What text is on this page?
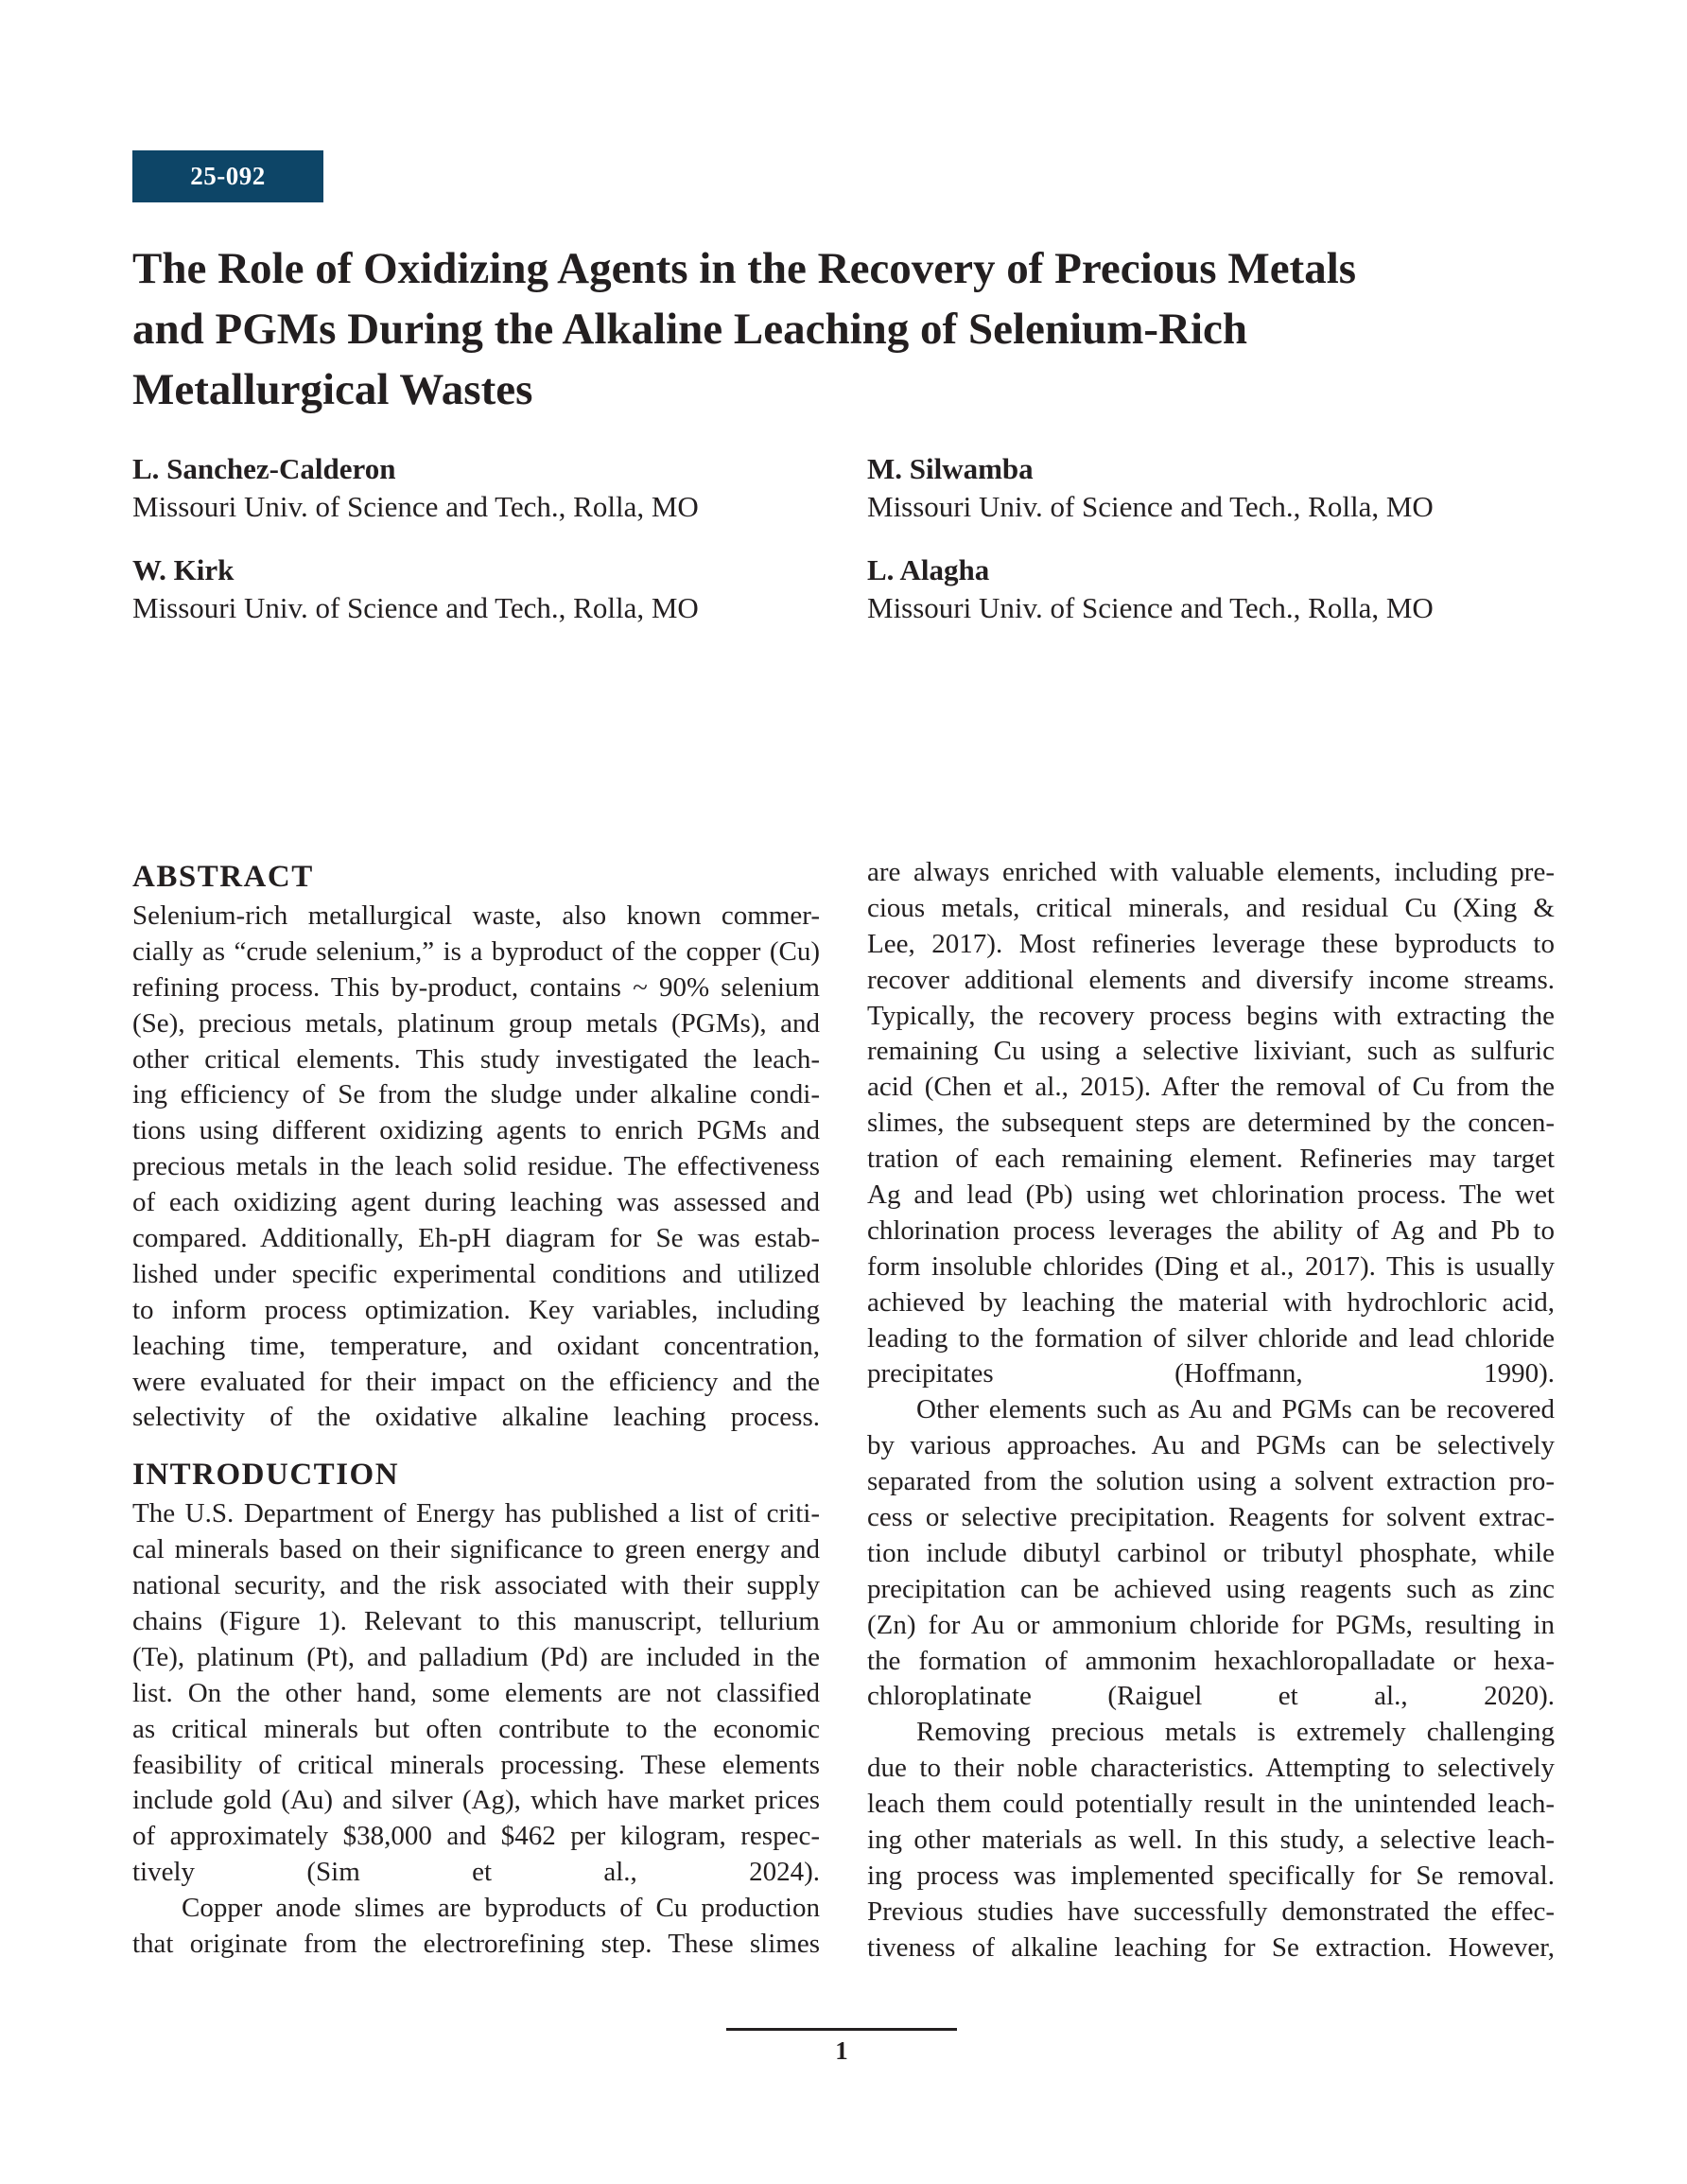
25-092
The Role of Oxidizing Agents in the Recovery of Precious Metals
and PGMs During the Alkaline Leaching of Selenium-Rich
Metallurgical Wastes
L. Sanchez-Calderon
Missouri Univ. of Science and Tech., Rolla, MO
M. Silwamba
Missouri Univ. of Science and Tech., Rolla, MO
W. Kirk
Missouri Univ. of Science and Tech., Rolla, MO
L. Alagha
Missouri Univ. of Science and Tech., Rolla, MO
ABSTRACT
Selenium-rich metallurgical waste, also known commer-
cially as “crude selenium,” is a byproduct of the copper (Cu)
refining process. This by-product, contains ~ 90% selenium
(Se), precious metals, platinum group metals (PGMs), and
other critical elements. This study investigated the leach-
ing efficiency of Se from the sludge under alkaline condi-
tions using different oxidizing agents to enrich PGMs and
precious metals in the leach solid residue. The effectiveness
of each oxidizing agent during leaching was assessed and
compared. Additionally, Eh-pH diagram for Se was estab-
lished under specific experimental conditions and utilized
to inform process optimization. Key variables, including
leaching time, temperature, and oxidant concentration,
were evaluated for their impact on the efficiency and the
selectivity of the oxidative alkaline leaching process.
INTRODUCTION
The U.S. Department of Energy has published a list of criti-
cal minerals based on their significance to green energy and
national security, and the risk associated with their supply
chains (Figure 1). Relevant to this manuscript, tellurium
(Te), platinum (Pt), and palladium (Pd) are included in the
list. On the other hand, some elements are not classified
as critical minerals but often contribute to the economic
feasibility of critical minerals processing. These elements
include gold (Au) and silver (Ag), which have market prices
of approximately $38,000 and $462 per kilogram, respec-
tively (Sim et al., 2024).
Copper anode slimes are byproducts of Cu production
that originate from the electrorefining step. These slimes
are always enriched with valuable elements, including pre-
cious metals, critical minerals, and residual Cu (Xing &
Lee, 2017). Most refineries leverage these byproducts to
recover additional elements and diversify income streams.
Typically, the recovery process begins with extracting the
remaining Cu using a selective lixiviant, such as sulfuric
acid (Chen et al., 2015). After the removal of Cu from the
slimes, the subsequent steps are determined by the concen-
tration of each remaining element. Refineries may target
Ag and lead (Pb) using wet chlorination process. The wet
chlorination process leverages the ability of Ag and Pb to
form insoluble chlorides (Ding et al., 2017). This is usually
achieved by leaching the material with hydrochloric acid,
leading to the formation of silver chloride and lead chloride
precipitates (Hoffmann, 1990).
Other elements such as Au and PGMs can be recovered
by various approaches. Au and PGMs can be selectively
separated from the solution using a solvent extraction pro-
cess or selective precipitation. Reagents for solvent extrac-
tion include dibutyl carbinol or tributyl phosphate, while
precipitation can be achieved using reagents such as zinc
(Zn) for Au or ammonium chloride for PGMs, resulting in
the formation of ammonim hexachloropalladate or hexa-
chloroplatinate (Raiguel et al., 2020).
Removing precious metals is extremely challenging
due to their noble characteristics. Attempting to selectively
leach them could potentially result in the unintended leach-
ing other materials as well. In this study, a selective leach-
ing process was implemented specifically for Se removal.
Previous studies have successfully demonstrated the effec-
tiveness of alkaline leaching for Se extraction. However,
1
